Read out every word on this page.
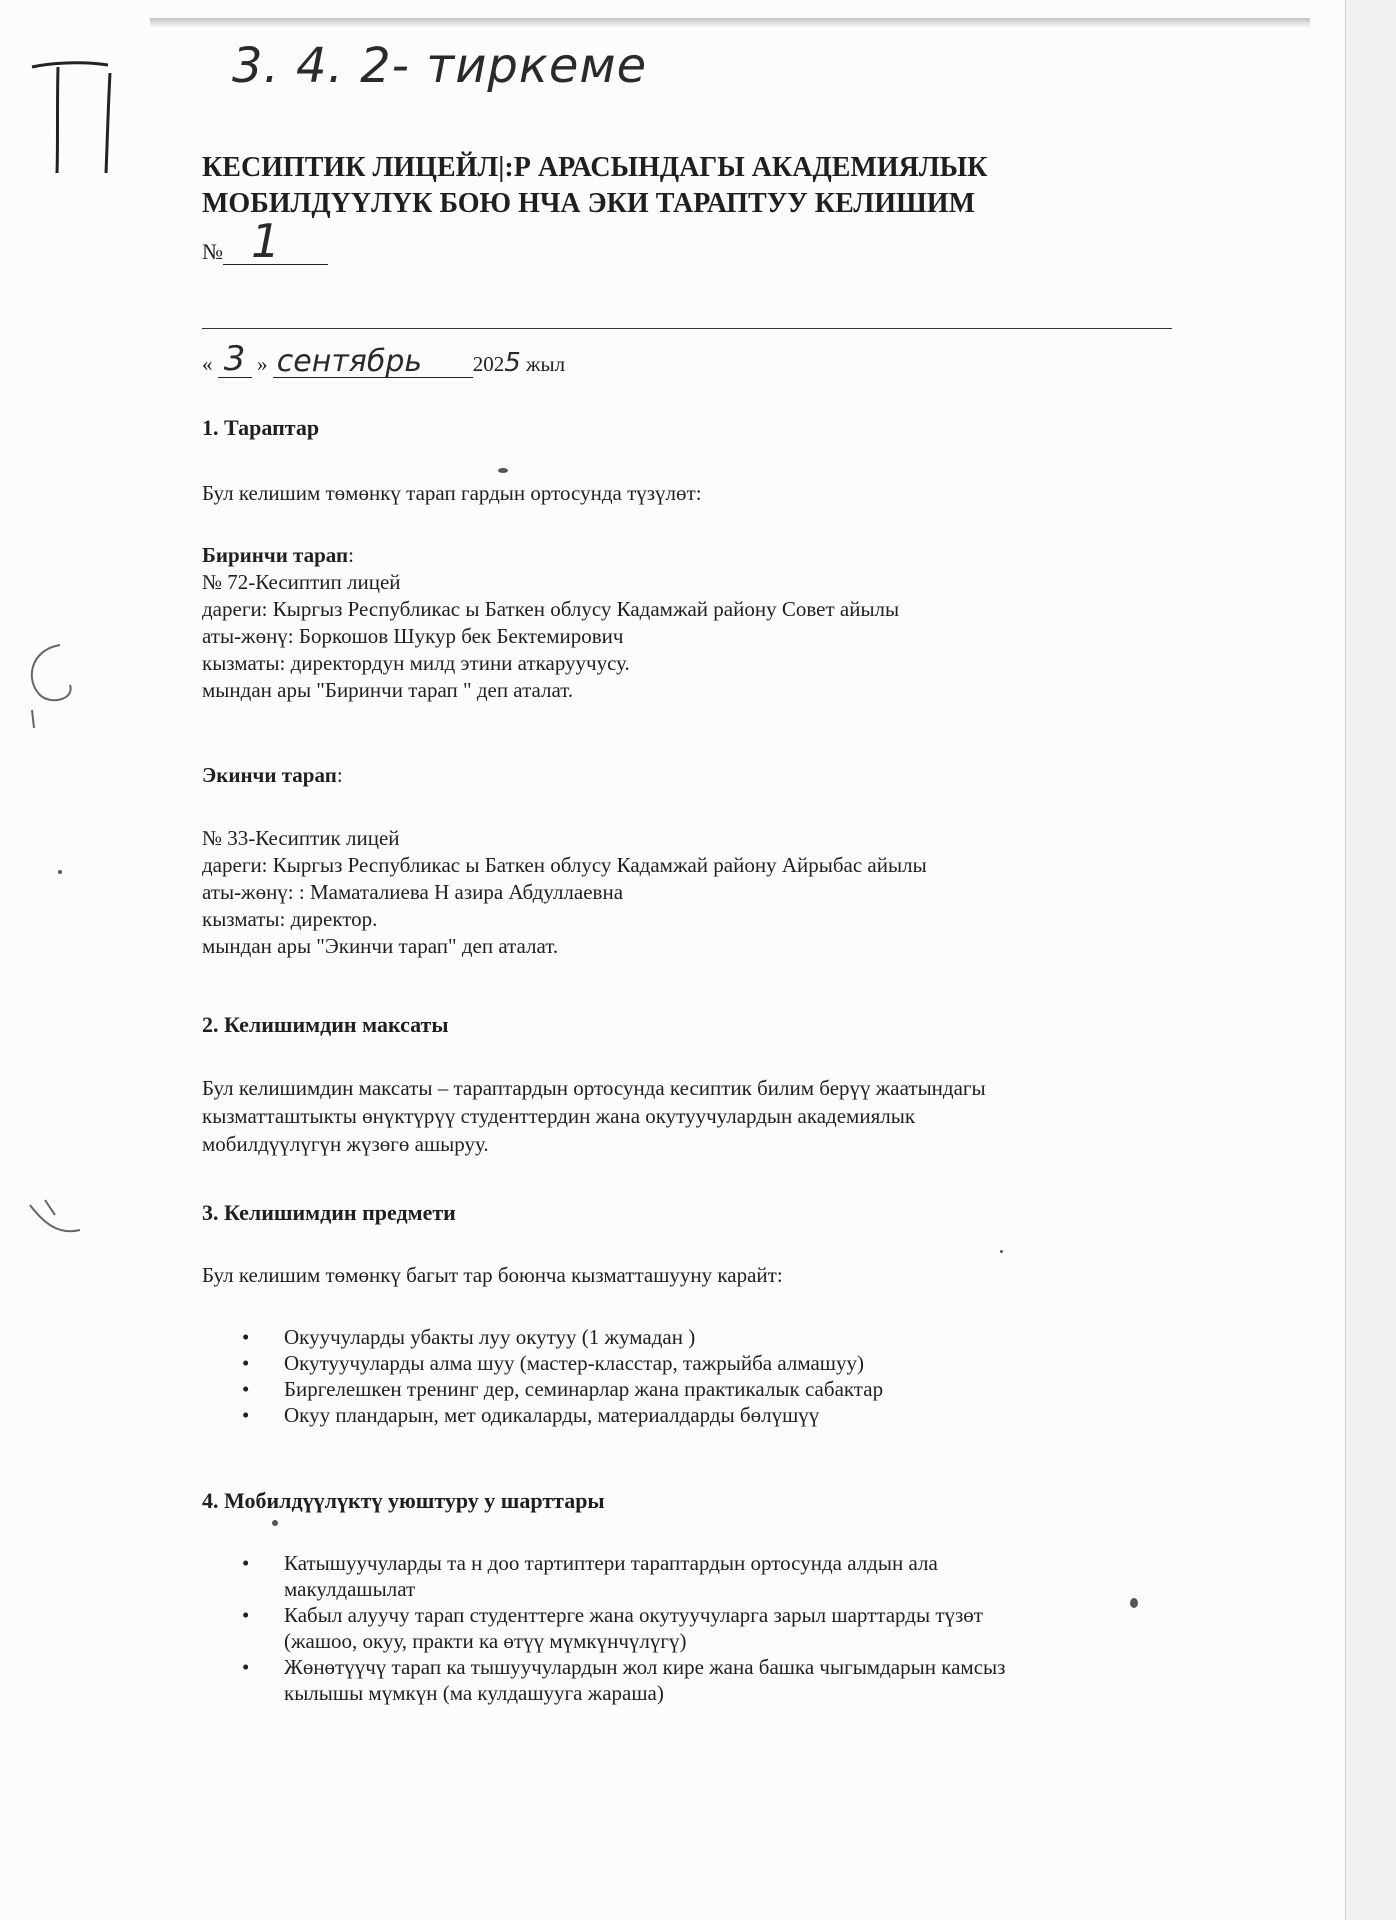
3. 4. 2- тиркеме
КЕСИПТИК ЛИЦЕЙЛ|:Р АРАСЫНДАГЫ АКАДЕМИЯЛЫК
МОБИЛДҮҮЛҮК БОЮ НЧА ЭКИ ТАРАПТУУ КЕЛИШИМ
№ 1
« 3 » сентябрь 2025 жыл
1. Тараптар
Бул келишим төмөнкү тарап гардын ортосунда түзүлөт:
Биринчи тарап:
№ 72-Кесиптип лицей
дареги: Кыргыз Республикас ы Баткен облусу Кадамжай району Совет айылы
аты-жөнү: Боркошов Шукур бек Бектемирович
кызматы: директордун милд этини аткаруучусу.
мындан ары "Биринчи тарап " деп аталат.
Экинчи тарап:
№ 33-Кесиптик лицей
дареги: Кыргыз Республикас ы Баткен облусу Кадамжай району Айрыбас айылы
аты-жөнү: : Маматалиева Н азира Абдуллаевна
кызматы: директор.
мындан ары "Экинчи тарап" деп аталат.
2. Келишимдин максаты
Бул келишимдин максаты – тараптардын ортосунда кесиптик билим берүү жаатындагы
кызматташтыкты өнүктүрүү студенттердин жана окутуучулардын академиялык
мобилдүүлүгүн жүзөгө ашыруу.
3. Келишимдин предмети
Бул келишим төмөнкү багыт тар боюнча кызматташууну карайт:
• Окуучуларды убакты луу окутуу (1 жумадан )
• Окутуучуларды алма шуу (мастер-класстар, тажрыйба алмашуу)
• Биргелешкен тренинг дер, семинарлар жана практикалык сабактар
• Окуу пландарын, мет одикаларды, материалдарды бөлүшүү
4. Мобилдүүлүктү уюштуру у шарттары
• Катышуучуларды та н доо тартиптери тараптардын ортосунда алдын ала
макулдашылат
• Кабыл алуучу тарап студенттерге жана окутуучуларга зарыл шарттарды түзөт
(жашоо, окуу, практи ка өтүү мүмкүнчүлүгү)
• Жөнөтүүчү тарап ка тышуучулардын жол кире жана башка чыгымдарын камсыз
кылышы мүмкүн (ма кулдашууга жараша)
